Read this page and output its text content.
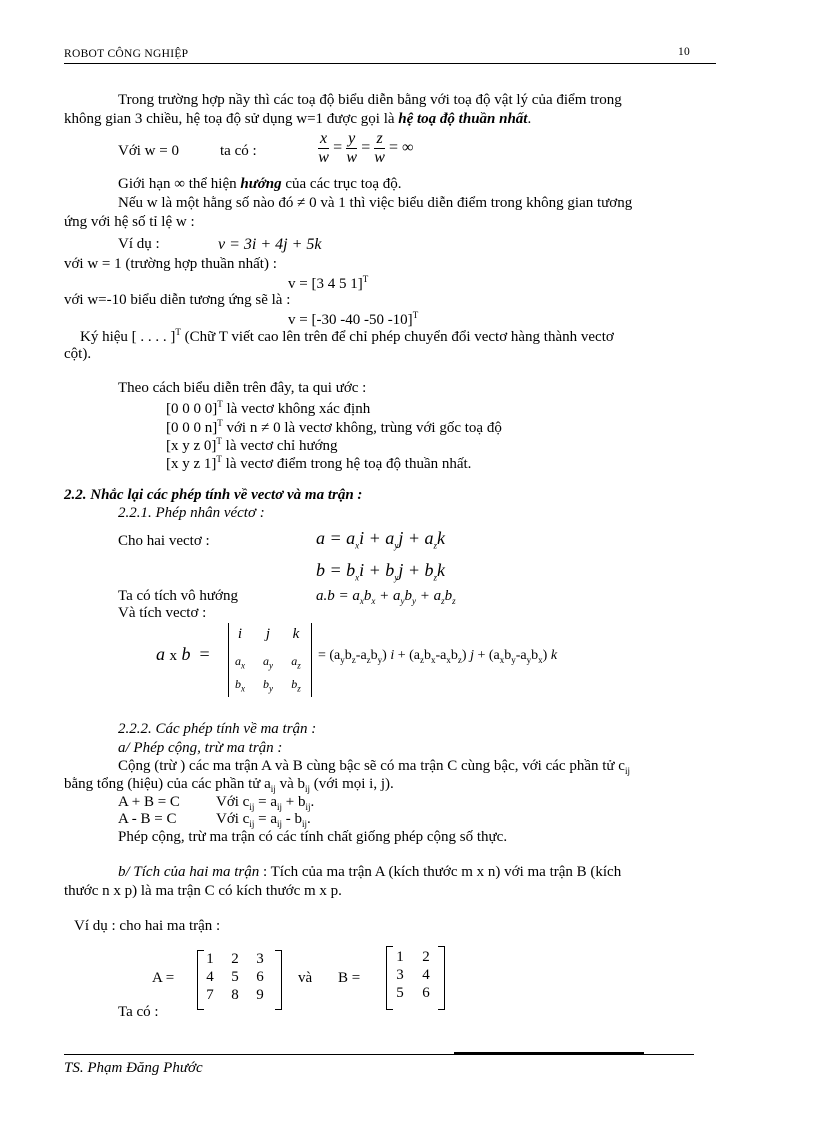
ROBOT CÔNG NGHIỆP	10
Trong trường hợp nầy thì các toạ độ biểu diễn bằng với toạ độ vật lý của điểm trong
không gian 3 chiều, hệ toạ độ sử dụng w=1 được gọi là hệ toạ độ thuần nhất.
Với w = 0	ta có :	$\frac{x}{w} = \frac{y}{w} = \frac{z}{w}$ = ∞
Giới hạn ∞ thể hiện hướng của các trục toạ độ.
Nếu w là một hằng số nào đó ≠ 0 và 1 thì việc biểu diễn điểm trong không gian tương
ứng với hệ số tỉ lệ w :
Ví dụ :	v = 3i + 4j + 5k
với w = 1 (trường hợp thuần nhất) :
v = [3 4 5 1]$^T$
với w=-10 biểu diễn tương ứng sẽ là :
v = [-30 -40 -50 -10]$^T$
Ký hiệu [ . . . . ]$^T$ (Chữ T viết cao lên trên để chỉ phép chuyển đổi vectơ hàng thành vectơ
cột).
Theo cách biểu diễn trên đây, ta qui ước :
[0 0 0 0]$^T$ là vectơ không xác định
[0 0 0 n]$^T$ với n ≠ 0 là vectơ không, trùng với gốc toạ độ
[x y z 0]$^T$ là vectơ chỉ hướng
[x y z 1]$^T$ là vectơ điểm trong hệ toạ độ thuần nhất.
2.2. Nhắc lại các phép tính về vectơ và ma trận :
2.2.1. Phép nhân véctơ :
Cho hai vectơ :	$a = a_xi + a_yj + a_zk$
$b = b_xi + b_yj + b_zk$
Ta có tích vô hướng	$a.b = a_xb_x + a_yb_y + a_zb_z$
Và tích vectơ :
a x b  =
i	j	k
$a_x$	$a_y$	$a_z$
$b_x$	$b_y$	$b_z$
= $(a_yb_z-a_zb_y) i + (a_zb_x-a_xb_z) j + (a_xb_y-a_yb_x)$ k
2.2.2. Các phép tính về ma trận :
a/ Phép cộng, trừ ma trận :
Cộng (trừ ) các ma trận A và B cùng bậc sẽ có ma trận C cùng bậc, với các phần tử $c_{ij}$
bằng tổng (hiệu) của các phần tử $a_{ij}$ và $b_{ij}$ (với mọi i, j).
A + B = C Với $c_{ij} = a_{ij} + b_{ij}$.
A - B = C	Với $c_{ij} = a_{ij} - b_{ij}$.
Phép cộng, trừ ma trận có các tính chất giống phép cộng số thực.
b/ Tích của hai ma trận : Tích của ma trận A (kích thước m x n) với ma trận B (kích
thước n x p) là ma trận C có kích thước m x p.
Ví dụ : cho hai ma trận :
A =
1	2	3
4	5	6
7	8	9
và B =
1	2
3	4
5	6
Ta có :
TS. Phạm Đăng Phước
